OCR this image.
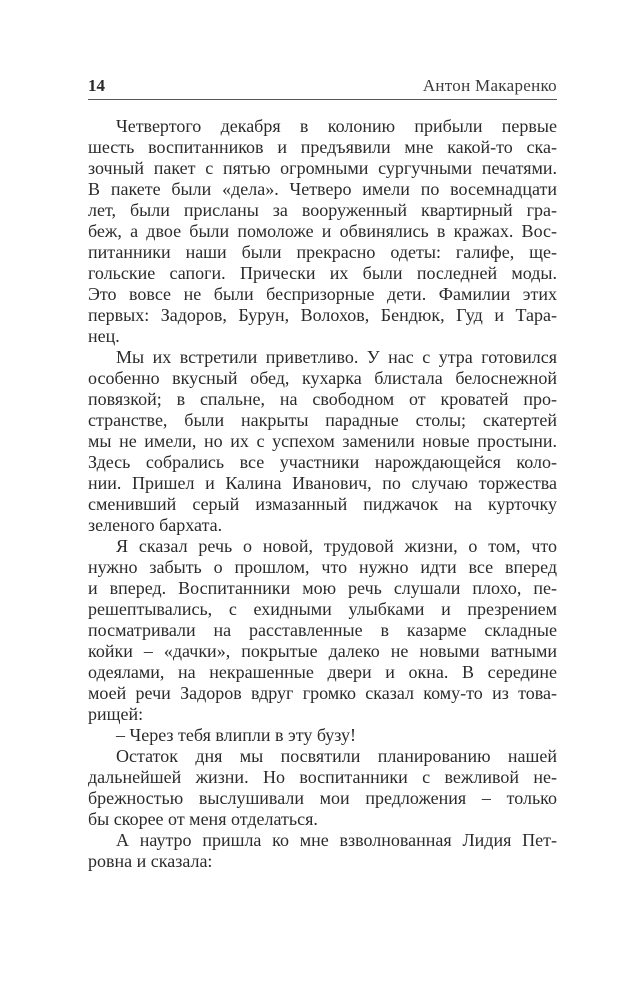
14	Антон Макаренко
Четвертого декабря в колонию прибыли первые
шесть воспитанников и предъявили мне какой-то ска-
зочный пакет с пятью огромными сургучными печатями.
В пакете были «дела». Четверо имели по восемнадцати
лет, были присланы за вооруженный квартирный гра-
беж, а двое были помоложе и обвинялись в кражах. Вос-
питанники наши были прекрасно одеты: галифе, ще-
гольские сапоги. Прически их были последней моды.
Это вовсе не были беспризорные дети. Фамилии этих
первых: Задоров, Бурун, Волохов, Бендюк, Гуд и Тара-
нец.
Мы их встретили приветливо. У нас с утра готовился
особенно вкусный обед, кухарка блистала белоснежной
повязкой; в спальне, на свободном от кроватей про-
странстве, были накрыты парадные столы; скатертей
мы не имели, но их с успехом заменили новые простыни.
Здесь собрались все участники нарождающейся коло-
нии. Пришел и Калина Иванович, по случаю торжества
сменивший серый измазанный пиджачок на курточку
зеленого бархата.
Я сказал речь о новой, трудовой жизни, о том, что
нужно забыть о прошлом, что нужно идти все вперед
и вперед. Воспитанники мою речь слушали плохо, пе-
решептывались, с ехидными улыбками и презрением
посматривали на расставленные в казарме складные
койки – «дачки», покрытые далеко не новыми ватными
одеялами, на некрашенные двери и окна. В середине
моей речи Задоров вдруг громко сказал кому-то из това-
рищей:
– Через тебя влипли в эту бузу!
Остаток дня мы посвятили планированию нашей
дальнейшей жизни. Но воспитанники с вежливой не-
брежностью выслушивали мои предложения – только
бы скорее от меня отделаться.
А наутро пришла ко мне взволнованная Лидия Пет-
ровна и сказала:
